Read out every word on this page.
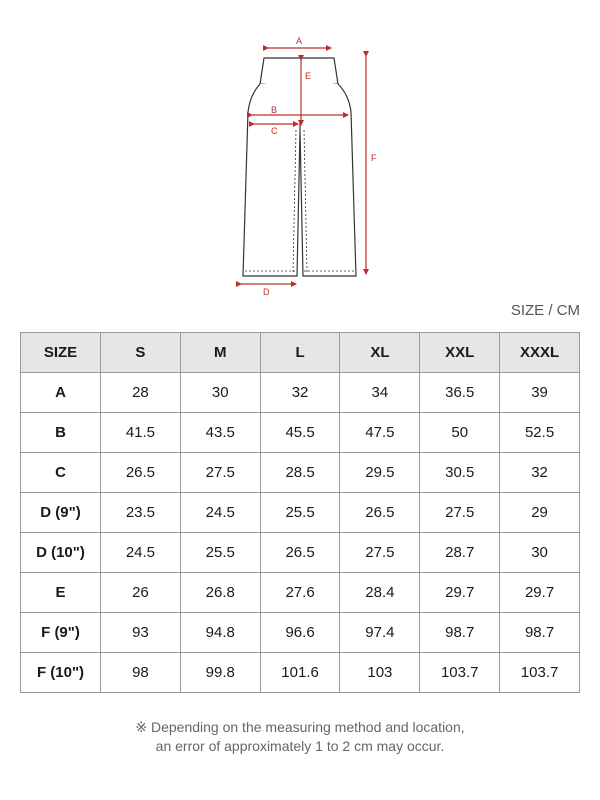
A
E
B
C
F
D
SIZE / CM
SIZE	S	M	L	XL	XXL	XXXL
A	28	30	32	34	36.5	39
B	41.5	43.5	45.5	47.5	50	52.5
C	26.5	27.5	28.5	29.5	30.5	32
D (9")	23.5	24.5	25.5	26.5	27.5	29
D (10")	24.5	25.5	26.5	27.5	28.7	30
E	26	26.8	27.6	28.4	29.7	29.7
F (9")	93	94.8	96.6	97.4	98.7	98.7
F (10")	98	99.8	101.6	103	103.7	103.7
※ Depending on the measuring method and location,
an error of approximately 1 to 2 cm may occur.
